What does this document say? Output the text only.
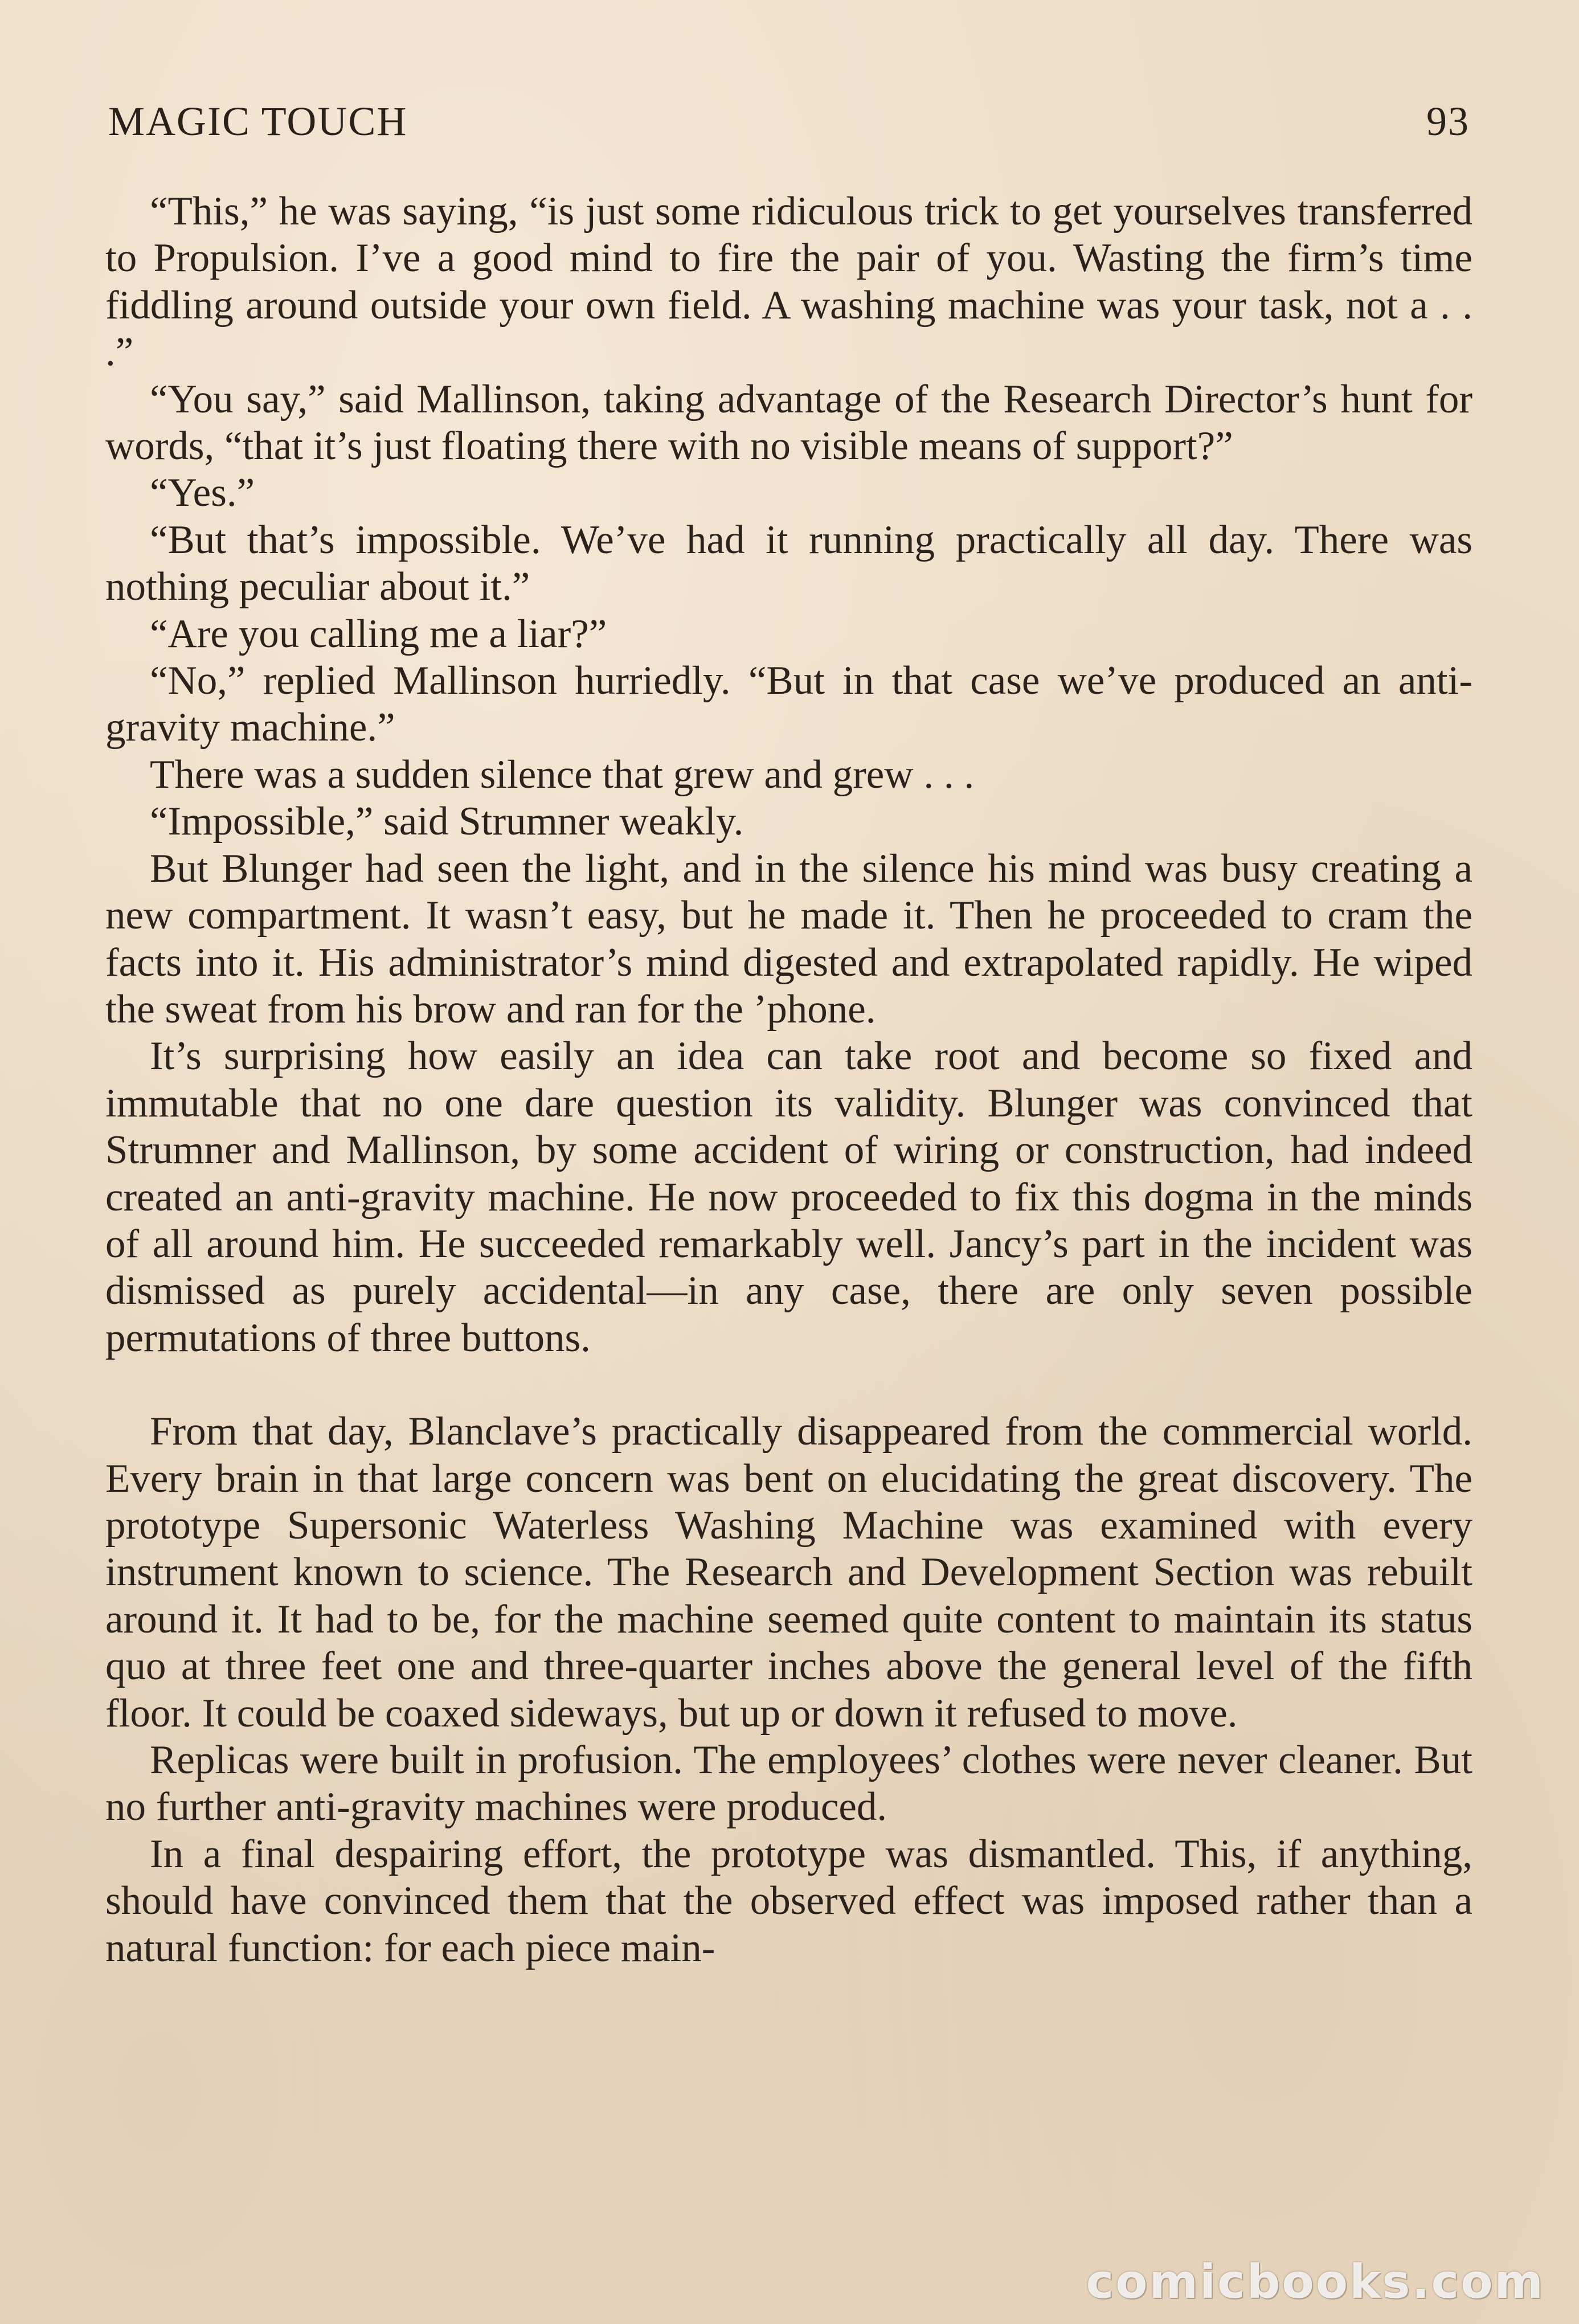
MAGIC TOUCH	93

“This,” he was saying, “is just some ridiculous trick to get yourselves transferred to Propulsion. I’ve a good mind to fire the pair of you. Wasting the firm’s time fiddling around outside your own field. A washing machine was your task, not a . . .”

“You say,” said Mallinson, taking advantage of the Research Director’s hunt for words, “that it’s just floating there with no visible means of support?”

“Yes.”

“But that’s impossible. We’ve had it running practically all day. There was nothing peculiar about it.”

“Are you calling me a liar?”

“No,” replied Mallinson hurriedly. “But in that case we’ve produced an anti-gravity machine.”

There was a sudden silence that grew and grew . . .

“Impossible,” said Strumner weakly.

But Blunger had seen the light, and in the silence his mind was busy creating a new compartment. It wasn’t easy, but he made it. Then he proceeded to cram the facts into it. His administrator’s mind digested and extrapolated rapidly. He wiped the sweat from his brow and ran for the ’phone.

It’s surprising how easily an idea can take root and become so fixed and immutable that no one dare question its validity. Blunger was convinced that Strumner and Mallinson, by some accident of wiring or construction, had indeed created an anti-gravity machine. He now proceeded to fix this dogma in the minds of all around him. He succeeded remarkably well. Jancy’s part in the incident was dismissed as purely accidental—in any case, there are only seven possible permutations of three buttons.

From that day, Blanclave’s practically disappeared from the commercial world. Every brain in that large concern was bent on elucidating the great discovery. The prototype Supersonic Waterless Washing Machine was examined with every instrument known to science. The Research and Development Section was rebuilt around it. It had to be, for the machine seemed quite content to maintain its status quo at three feet one and three-quarter inches above the general level of the fifth floor. It could be coaxed sideways, but up or down it refused to move.

Replicas were built in profusion. The employees’ clothes were never cleaner. But no further anti-gravity machines were produced.

In a final despairing effort, the prototype was dismantled. This, if anything, should have convinced them that the observed effect was imposed rather than a natural function: for each piece main-

comicbooks.com
